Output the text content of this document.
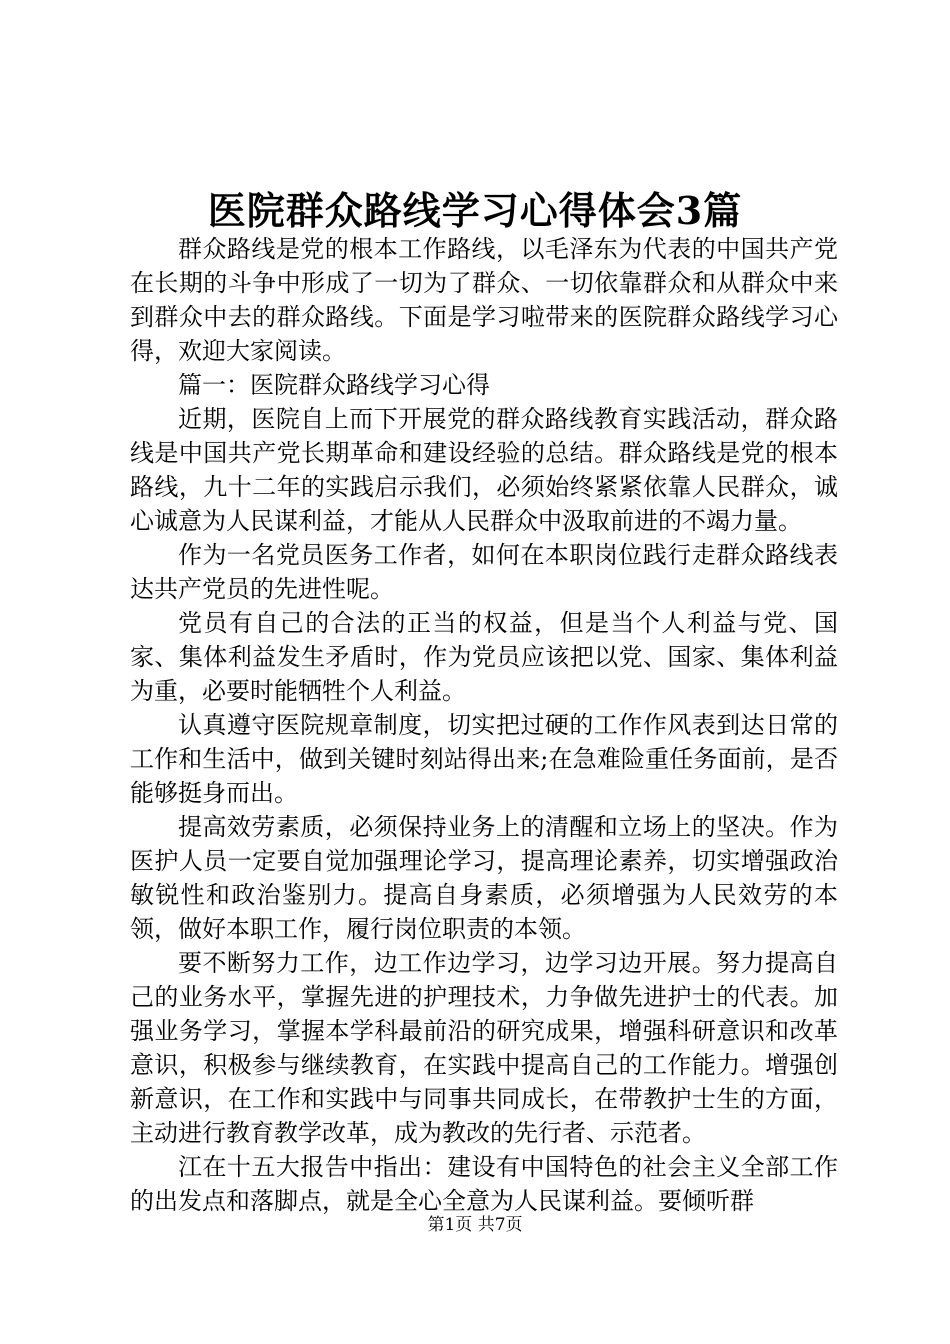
医院群众路线学习心得体会3篇

群众路线是党的根本工作路线，以毛泽东为代表的中国共产党在长期的斗争中形成了一切为了群众、一切依靠群众和从群众中来到群众中去的群众路线。下面是学习啦带来的医院群众路线学习心得，欢迎大家阅读。

篇一：医院群众路线学习心得

近期，医院自上而下开展党的群众路线教育实践活动，群众路线是中国共产党长期革命和建设经验的总结。群众路线是党的根本路线，九十二年的实践启示我们，必须始终紧紧依靠人民群众，诚心诚意为人民谋利益，才能从人民群众中汲取前进的不竭力量。

作为一名党员医务工作者，如何在本职岗位践行走群众路线表达共产党员的先进性呢。

党员有自己的合法的正当的权益，但是当个人利益与党、国家、集体利益发生矛盾时，作为党员应该把以党、国家、集体利益为重，必要时能牺牲个人利益。

认真遵守医院规章制度，切实把过硬的工作作风表到达日常的工作和生活中，做到关键时刻站得出来;在急难险重任务面前，是否能够挺身而出。

提高效劳素质，必须保持业务上的清醒和立场上的坚决。作为医护人员一定要自觉加强理论学习，提高理论素养，切实增强政治敏锐性和政治鉴别力。提高自身素质，必须增强为人民效劳的本领，做好本职工作，履行岗位职责的本领。

要不断努力工作，边工作边学习，边学习边开展。努力提高自己的业务水平，掌握先进的护理技术，力争做先进护士的代表。加强业务学习，掌握本学科最前沿的研究成果，增强科研意识和改革意识，积极参与继续教育，在实践中提高自己的工作能力。增强创新意识，在工作和实践中与同事共同成长，在带教护士生的方面，主动进行教育教学改革，成为教改的先行者、示范者。

江在十五大报告中指出：建设有中国特色的社会主义全部工作的出发点和落脚点，就是全心全意为人民谋利益。要倾听群

第1页 共7页
